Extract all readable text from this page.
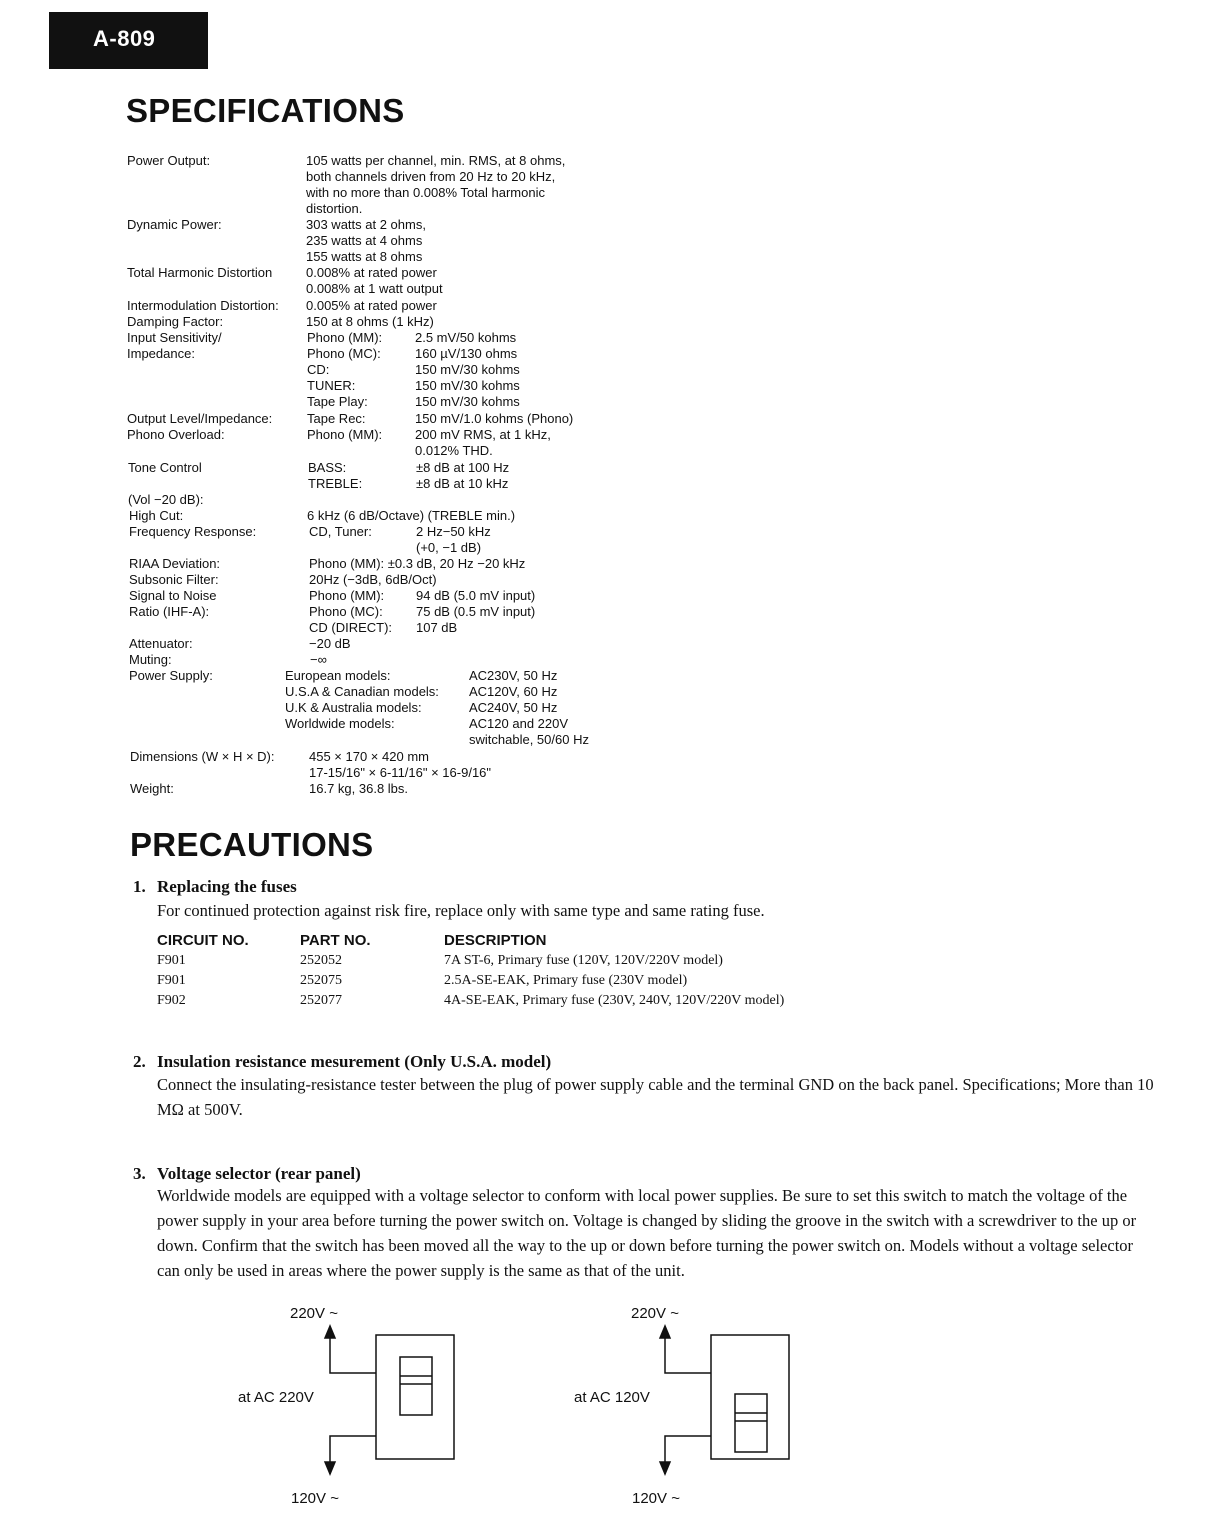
A-809
SPECIFICATIONS
Power Output:	105 watts per channel, min. RMS, at 8 ohms,
both channels driven from 20 Hz to 20 kHz,
with no more than 0.008% Total harmonic
distortion.
Dynamic Power:	303 watts at 2 ohms,
235 watts at 4 ohms
155 watts at 8 ohms
Total Harmonic Distortion	0.008% at rated power
0.008% at 1 watt output
Intermodulation Distortion: 0.005% at rated power
Damping Factor:	150 at 8 ohms (1 kHz)
Input Sensitivity/
Impedance:
Phono (MM):	2.5 mV/50 kohms
Phono (MC):	160 µV/130 ohms
CD:	150 mV/30 kohms
TUNER:	150 mV/30 kohms
Tape Play:	150 mV/30 kohms
Output Level/Impedance:	Tape Rec:	150 mV/1.0 kohms (Phono)
Phono Overload:	Phono (MM):	200 mV RMS, at 1 kHz,
0.012% THD.
Tone Control
(Vol −20 dB):
BASS:	±8 dB at 100 Hz
TREBLE:	±8 dB at 10 kHz
High Cut:	6 kHz (6 dB/Octave) (TREBLE min.)
Frequency Response:	CD, Tuner:	2 Hz−50 kHz
(+0, −1 dB)
RIAA Deviation:	Phono (MM): ±0.3 dB, 20 Hz −20 kHz
Subsonic Filter:	20Hz (−3dB, 6dB/Oct)
Signal to Noise
Ratio (IHF-A):
Phono (MM): 94 dB (5.0 mV input)
Phono (MC):	75 dB (0.5 mV input)
CD (DIRECT): 107 dB
Attenuator:	−20 dB
Muting:	−∞
Power Supply:	European models:	AC230V, 50 Hz
U.S.A & Canadian models: AC120V, 60 Hz
U.K & Australia models:	AC240V, 50 Hz
Worldwide models:	AC120 and 220V
switchable, 50/60 Hz
Dimensions (W × H × D):	455 × 170 × 420 mm
17-15/16" × 6-11/16" × 16-9/16"
Weight:	16.7 kg, 36.8 lbs.
PRECAUTIONS
1. Replacing the fuses
For continued protection against risk fire, replace only with same type and same rating fuse.
CIRCUIT NO.	PART NO.	DESCRIPTION
F901	252052	7A ST-6, Primary fuse (120V, 120V/220V model)
F901	252075	2.5A-SE-EAK, Primary fuse (230V model)
F902	252077	4A-SE-EAK, Primary fuse (230V, 240V, 120V/220V model)
2. Insulation resistance mesurement (Only U.S.A. model)
Connect the insulating-resistance tester between the plug of power supply cable and the terminal GND on the back panel. Specifications; More than 10 MΩ at 500V.
3. Voltage selector (rear panel)
Worldwide models are equipped with a voltage selector to conform with local power supplies. Be sure to set this switch to match the voltage of the power supply in your area before turning the power switch on. Voltage is changed by sliding the groove in the switch with a screwdriver to the up or down. Confirm that the switch has been moved all the way to the up or down before turning the power switch on. Models without a voltage selector can only be used in areas where the power supply is the same as that of the unit.
220V ~
at AC 220V
120V ~
220V ~
at AC 120V
120V ~
